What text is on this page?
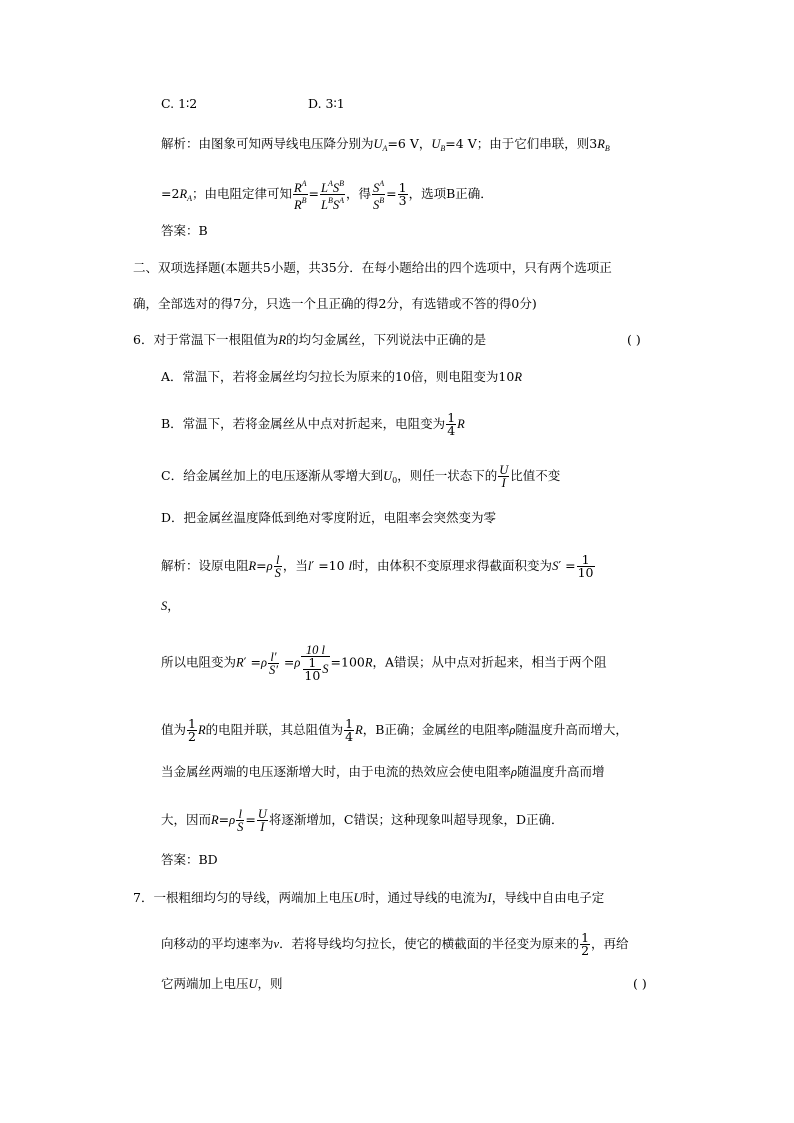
C. 1∶2	D. 3∶1
解析：由图象可知两导线电压降分别为$U_A=6$ V，$U_B=4$ V；由于它们串联，则$3R_B$
$=2R_A$；由电阻定律可知 $\frac{R^A}{R^B} = \frac{L^AS^B}{L^BS^A}$ ，得 $\frac{S^A}{S^B} = \frac{1}{3}$ ，选项B正确．
答案：B
二、双项选择题(本题共5小题，共35分．在每小题给出的四个选项中，只有两个选项正
确，全部选对的得7分，只选一个且正确的得2分，有选错或不答的得0分)
6．对于常温下一根阻值为R的均匀金属丝，下列说法中正确的是	( )
A．常温下，若将金属丝均匀拉长为原来的10倍，则电阻变为10R
B．常温下，若将金属丝从中点对折起来，电阻变为 $\frac{1}{4}$ R
C．给金属丝加上的电压逐渐从零增大到$U_0$，则任一状态下的 $\frac{U}{I}$ 比值不变
D．把金属丝温度降低到绝对零度附近，电阻率会突然变为零
解析：设原电阻$R=\rho \frac{l}{S}$ ，当l′ =10 l时，由体积不变原理求得截面积变为$S' = \frac{1}{10}$
S，
所以电阻变为$R' =\rho \frac{l'}{S'} =\rho \frac{10 l}{\frac{1}{10} S} =100R$，A错误；从中点对折起来，相当于两个阻
值为 $\frac{1}{2}$ R的电阻并联，其总阻值为 $\frac{1}{4}$ R，B正确；金属丝的电阻率ρ随温度升高而增大，
当金属丝两端的电压逐渐增大时，由于电流的热效应会使电阻率ρ随温度升高而增
大，因而$R=\rho \frac{l}{S} = \frac{U}{I}$ 将逐渐增加，C错误；这种现象叫超导现象，D正确．
答案：BD
7．一根粗细均匀的导线，两端加上电压U时，通过导线的电流为I，导线中自由电子定
向移动的平均速率为v．若将导线均匀拉长，使它的横截面的半径变为原来的 $\frac{1}{2}$ ，再给
它两端加上电压U，则	( )
